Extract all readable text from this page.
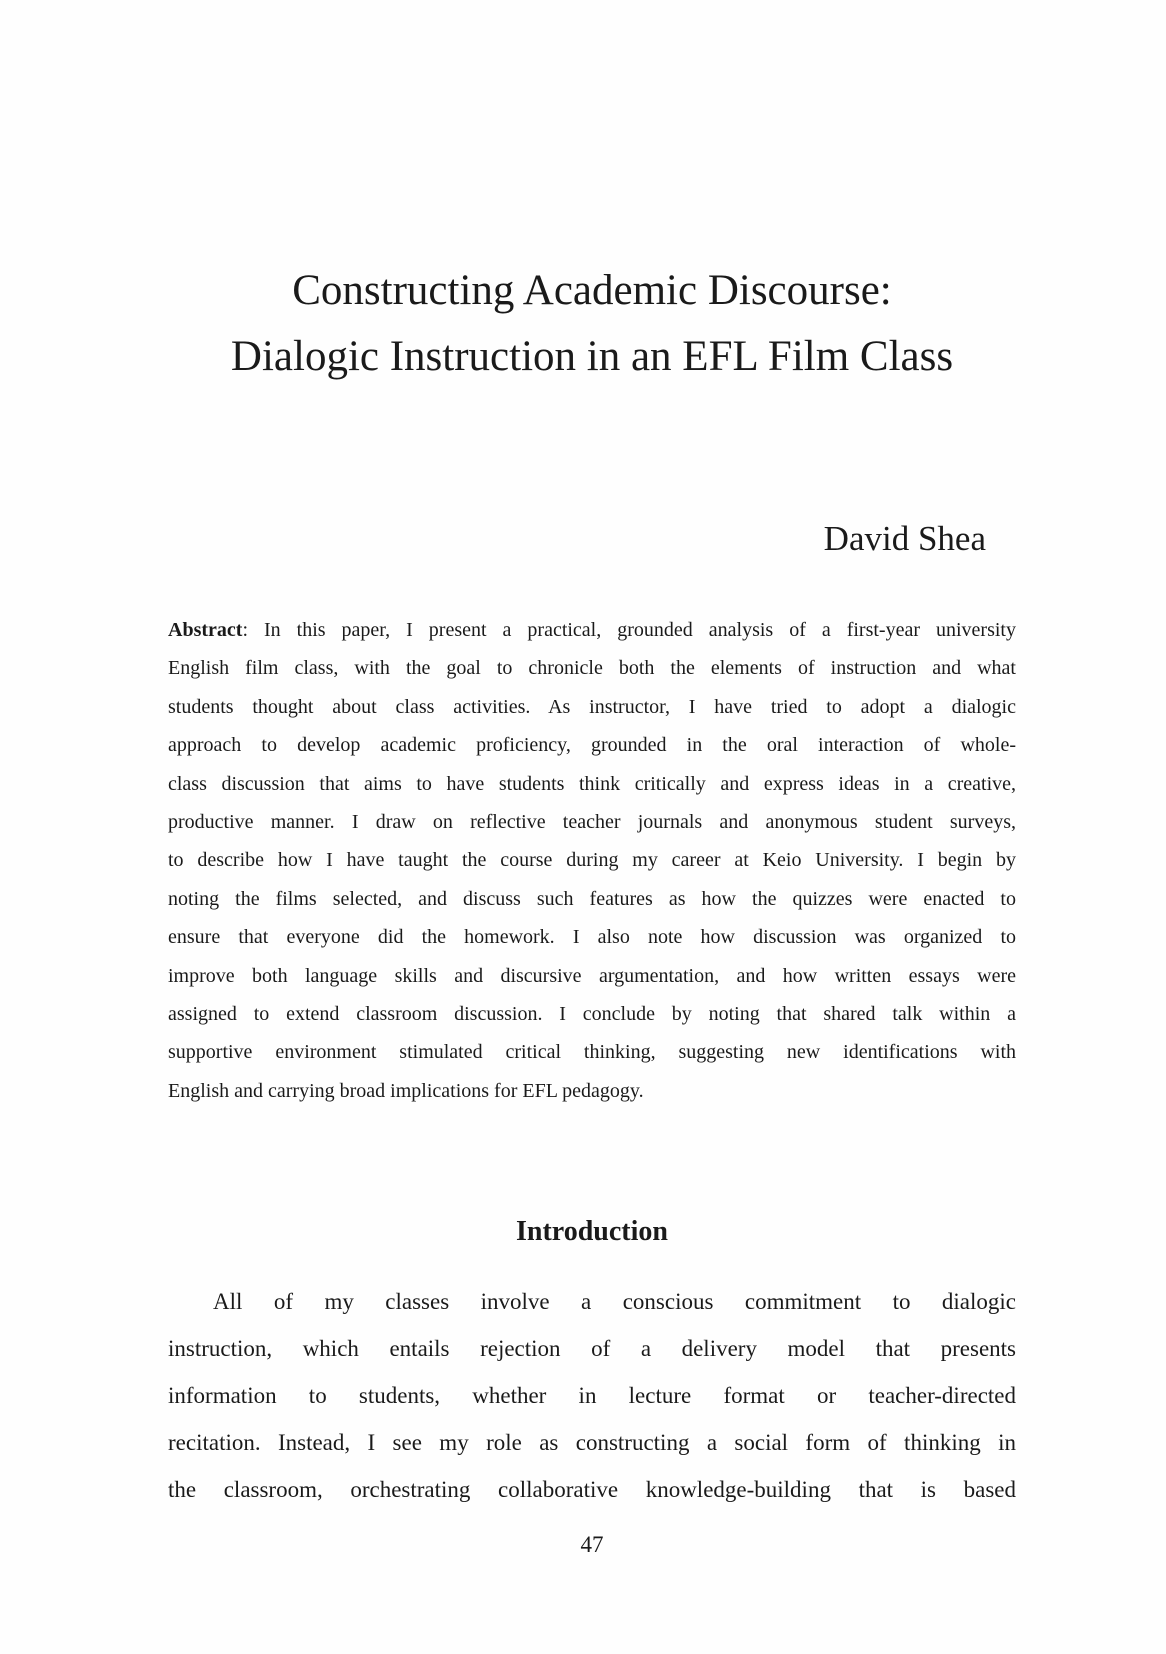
Constructing Academic Discourse:
Dialogic Instruction in an EFL Film Class
David Shea
Abstract: In this paper, I present a practical, grounded analysis of a first-year university
English film class, with the goal to chronicle both the elements of instruction and what
students thought about class activities. As instructor, I have tried to adopt a dialogic
approach to develop academic proficiency, grounded in the oral interaction of whole-
class discussion that aims to have students think critically and express ideas in a creative,
productive manner. I draw on reflective teacher journals and anonymous student surveys,
to describe how I have taught the course during my career at Keio University. I begin by
noting the films selected, and discuss such features as how the quizzes were enacted to
ensure that everyone did the homework. I also note how discussion was organized to
improve both language skills and discursive argumentation, and how written essays were
assigned to extend classroom discussion. I conclude by noting that shared talk within a
supportive environment stimulated critical thinking, suggesting new identifications with
English and carrying broad implications for EFL pedagogy.
Introduction
All of my classes involve a conscious commitment to dialogic
instruction, which entails rejection of a delivery model that presents
information to students, whether in lecture format or teacher-directed
recitation. Instead, I see my role as constructing a social form of thinking in
the classroom, orchestrating collaborative knowledge-building that is based
47
